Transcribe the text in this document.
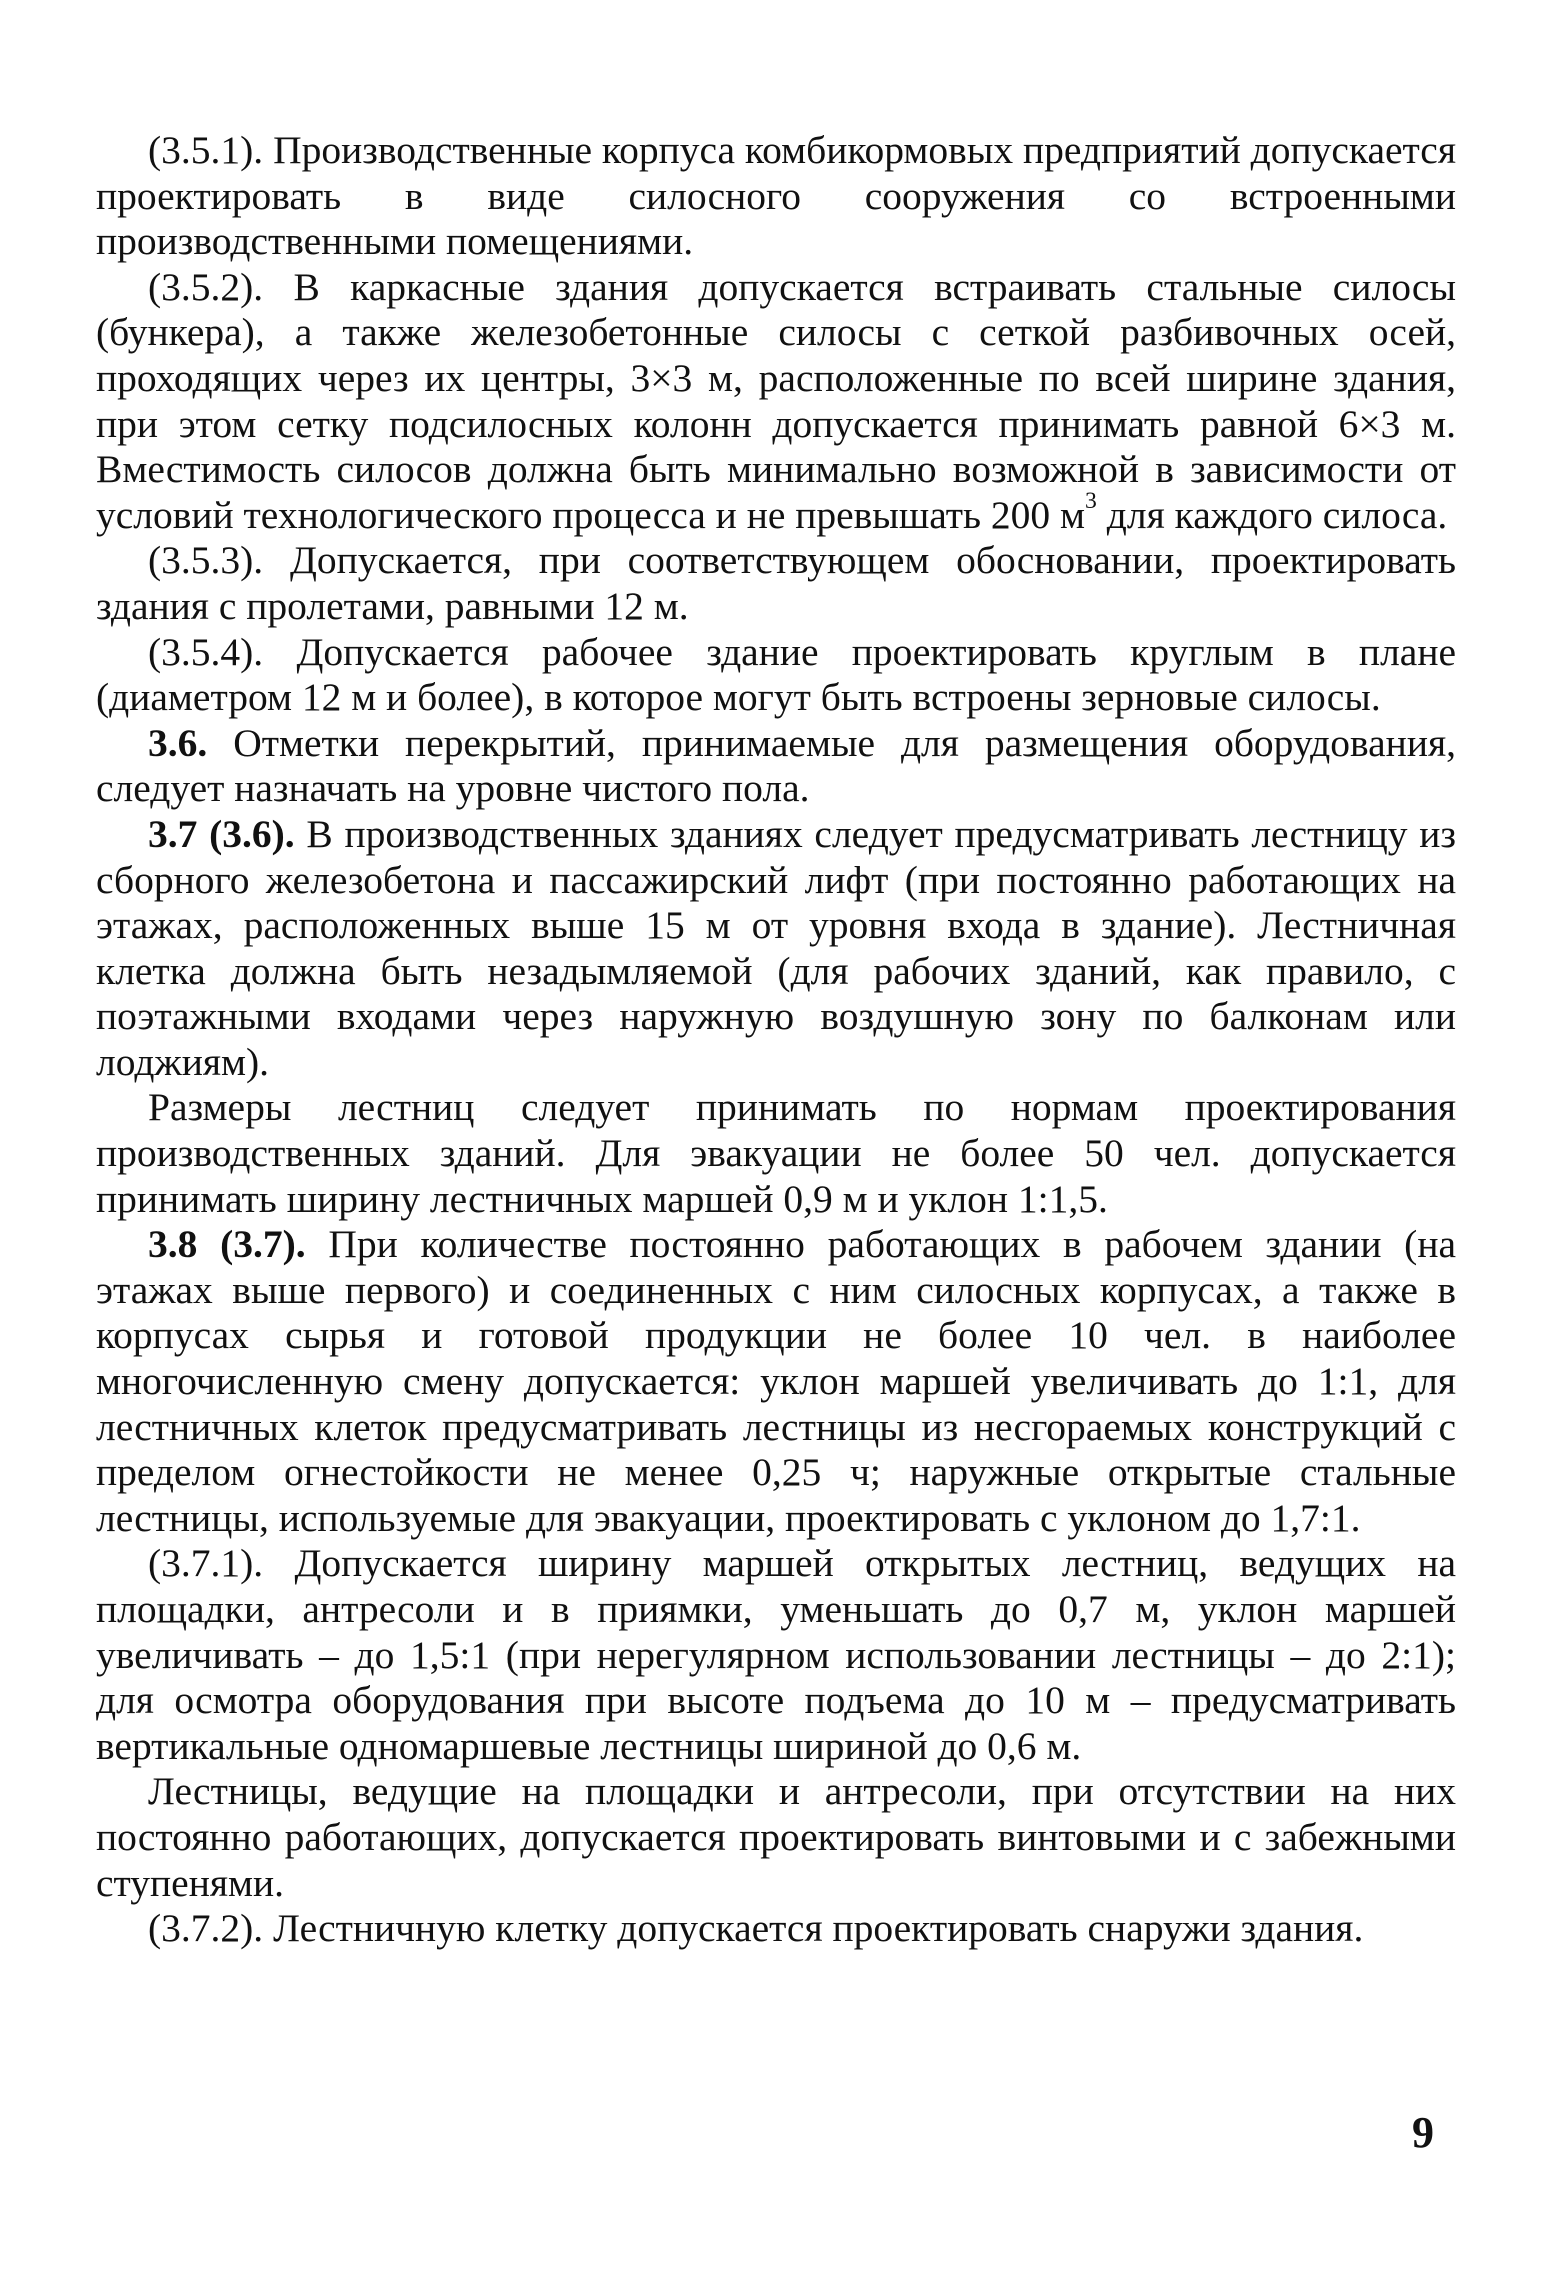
(3.5.1). Производственные корпуса комбикормовых предприятий допускается проектировать в виде силосного сооружения со встроенными производственными помещениями.

(3.5.2). В каркасные здания допускается встраивать стальные силосы (бункера), а также железобетонные силосы с сеткой разбивочных осей, проходящих через их центры, 3×3 м, расположенные по всей ширине здания, при этом сетку подсилосных колонн допускается принимать равной 6×3 м. Вместимость силосов должна быть минимально возможной в зависимости от условий технологического процесса и не превышать 200 $м^3$ для каждого силоса.

(3.5.3). Допускается, при соответствующем обосновании, проектировать здания с пролетами, равными 12 м.

(3.5.4). Допускается рабочее здание проектировать круглым в плане (диаметром 12 м и более), в которое могут быть встроены зерновые силосы.

3.6. Отметки перекрытий, принимаемые для размещения оборудования, следует назначать на уровне чистого пола.

3.7 (3.6). В производственных зданиях следует предусматривать лестницу из сборного железобетона и пассажирский лифт (при постоянно работающих на этажах, расположенных выше 15 м от уровня входа в здание). Лестничная клетка должна быть незадымляемой (для рабочих зданий, как правило, с поэтажными входами через наружную воздушную зону по балконам или лоджиям).

Размеры лестниц следует принимать по нормам проектирования производственных зданий. Для эвакуации не более 50 чел. допускается принимать ширину лестничных маршей 0,9 м и уклон 1:1,5.

3.8 (3.7). При количестве постоянно работающих в рабочем здании (на этажах выше первого) и соединенных с ним силосных корпусах, а также в корпусах сырья и готовой продукции не более 10 чел. в наиболее многочисленную смену допускается: уклон маршей увеличивать до 1:1, для лестничных клеток предусматривать лестницы из несгораемых конструкций с пределом огнестойкости не менее 0,25 ч; наружные открытые стальные лестницы, используемые для эвакуации, проектировать с уклоном до 1,7:1.

(3.7.1). Допускается ширину маршей открытых лестниц, ведущих на площадки, антресоли и в приямки, уменьшать до 0,7 м, уклон маршей увеличивать – до 1,5:1 (при нерегулярном использовании лестницы – до 2:1); для осмотра оборудования при высоте подъема до 10 м – предусматривать вертикальные одномаршевые лестницы шириной до 0,6 м.

Лестницы, ведущие на площадки и антресоли, при отсутствии на них постоянно работающих, допускается проектировать винтовыми и с забежными ступенями.

(3.7.2). Лестничную клетку допускается проектировать снаружи здания.

9
